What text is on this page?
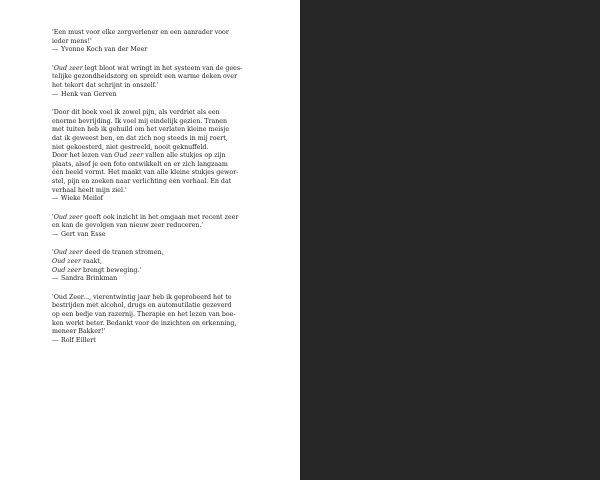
'Een must voor elke zorgverlener en een aanrader voor
ieder mens!'
— Yvonne Koch van der Meer
'Oud zeer legt bloot wat wringt in het systeem van de gees-
telijke gezondheidszorg en spreidt een warme deken over
het tekort dat schrijnt in onszelf.'
— Henk van Gerven
'Door dit boek voel ik zowel pijn, als verdriet als een
enorme bevrijding. Ik voel mij eindelijk gezien. Tranen
met tuiten heb ik gehuild om het verlaten kleine meisje
dat ik geweest ben, en dat zich nog steeds in mij roert,
niet gekoesterd, niet gestreeld, nooit geknuffeld.
Door het lezen van Oud zeer vallen alle stukjes op zijn
plaats, alsof je een foto ontwikkelt en er zich langzaam
één beeld vormt. Het maakt van alle kleine stukjes gewor-
stel, pijn en zoeken naar verlichting één verhaal. En dat
verhaal heelt mijn ziel.'
— Wieke Meilof
'Oud zeer geeft ook inzicht in het omgaan met recent zeer
en kan de gevolgen van nieuw zeer reduceren.'
— Gert van Esse
'Oud zeer deed de tranen stromen,
Oud zeer raakt,
Oud zeer brengt beweging.'
— Sandra Brinkman
'Oud Zeer..., vierentwintig jaar heb ik geprobeerd het te
bestrijden met alcohol, drugs en automutilatie gezeverd
op een bedje van razernij. Therapie en het lezen van boe-
ken werkt beter. Bedankt voor de inzichten en erkenning,
meneer Bakker!'
— Rolf Eillert
